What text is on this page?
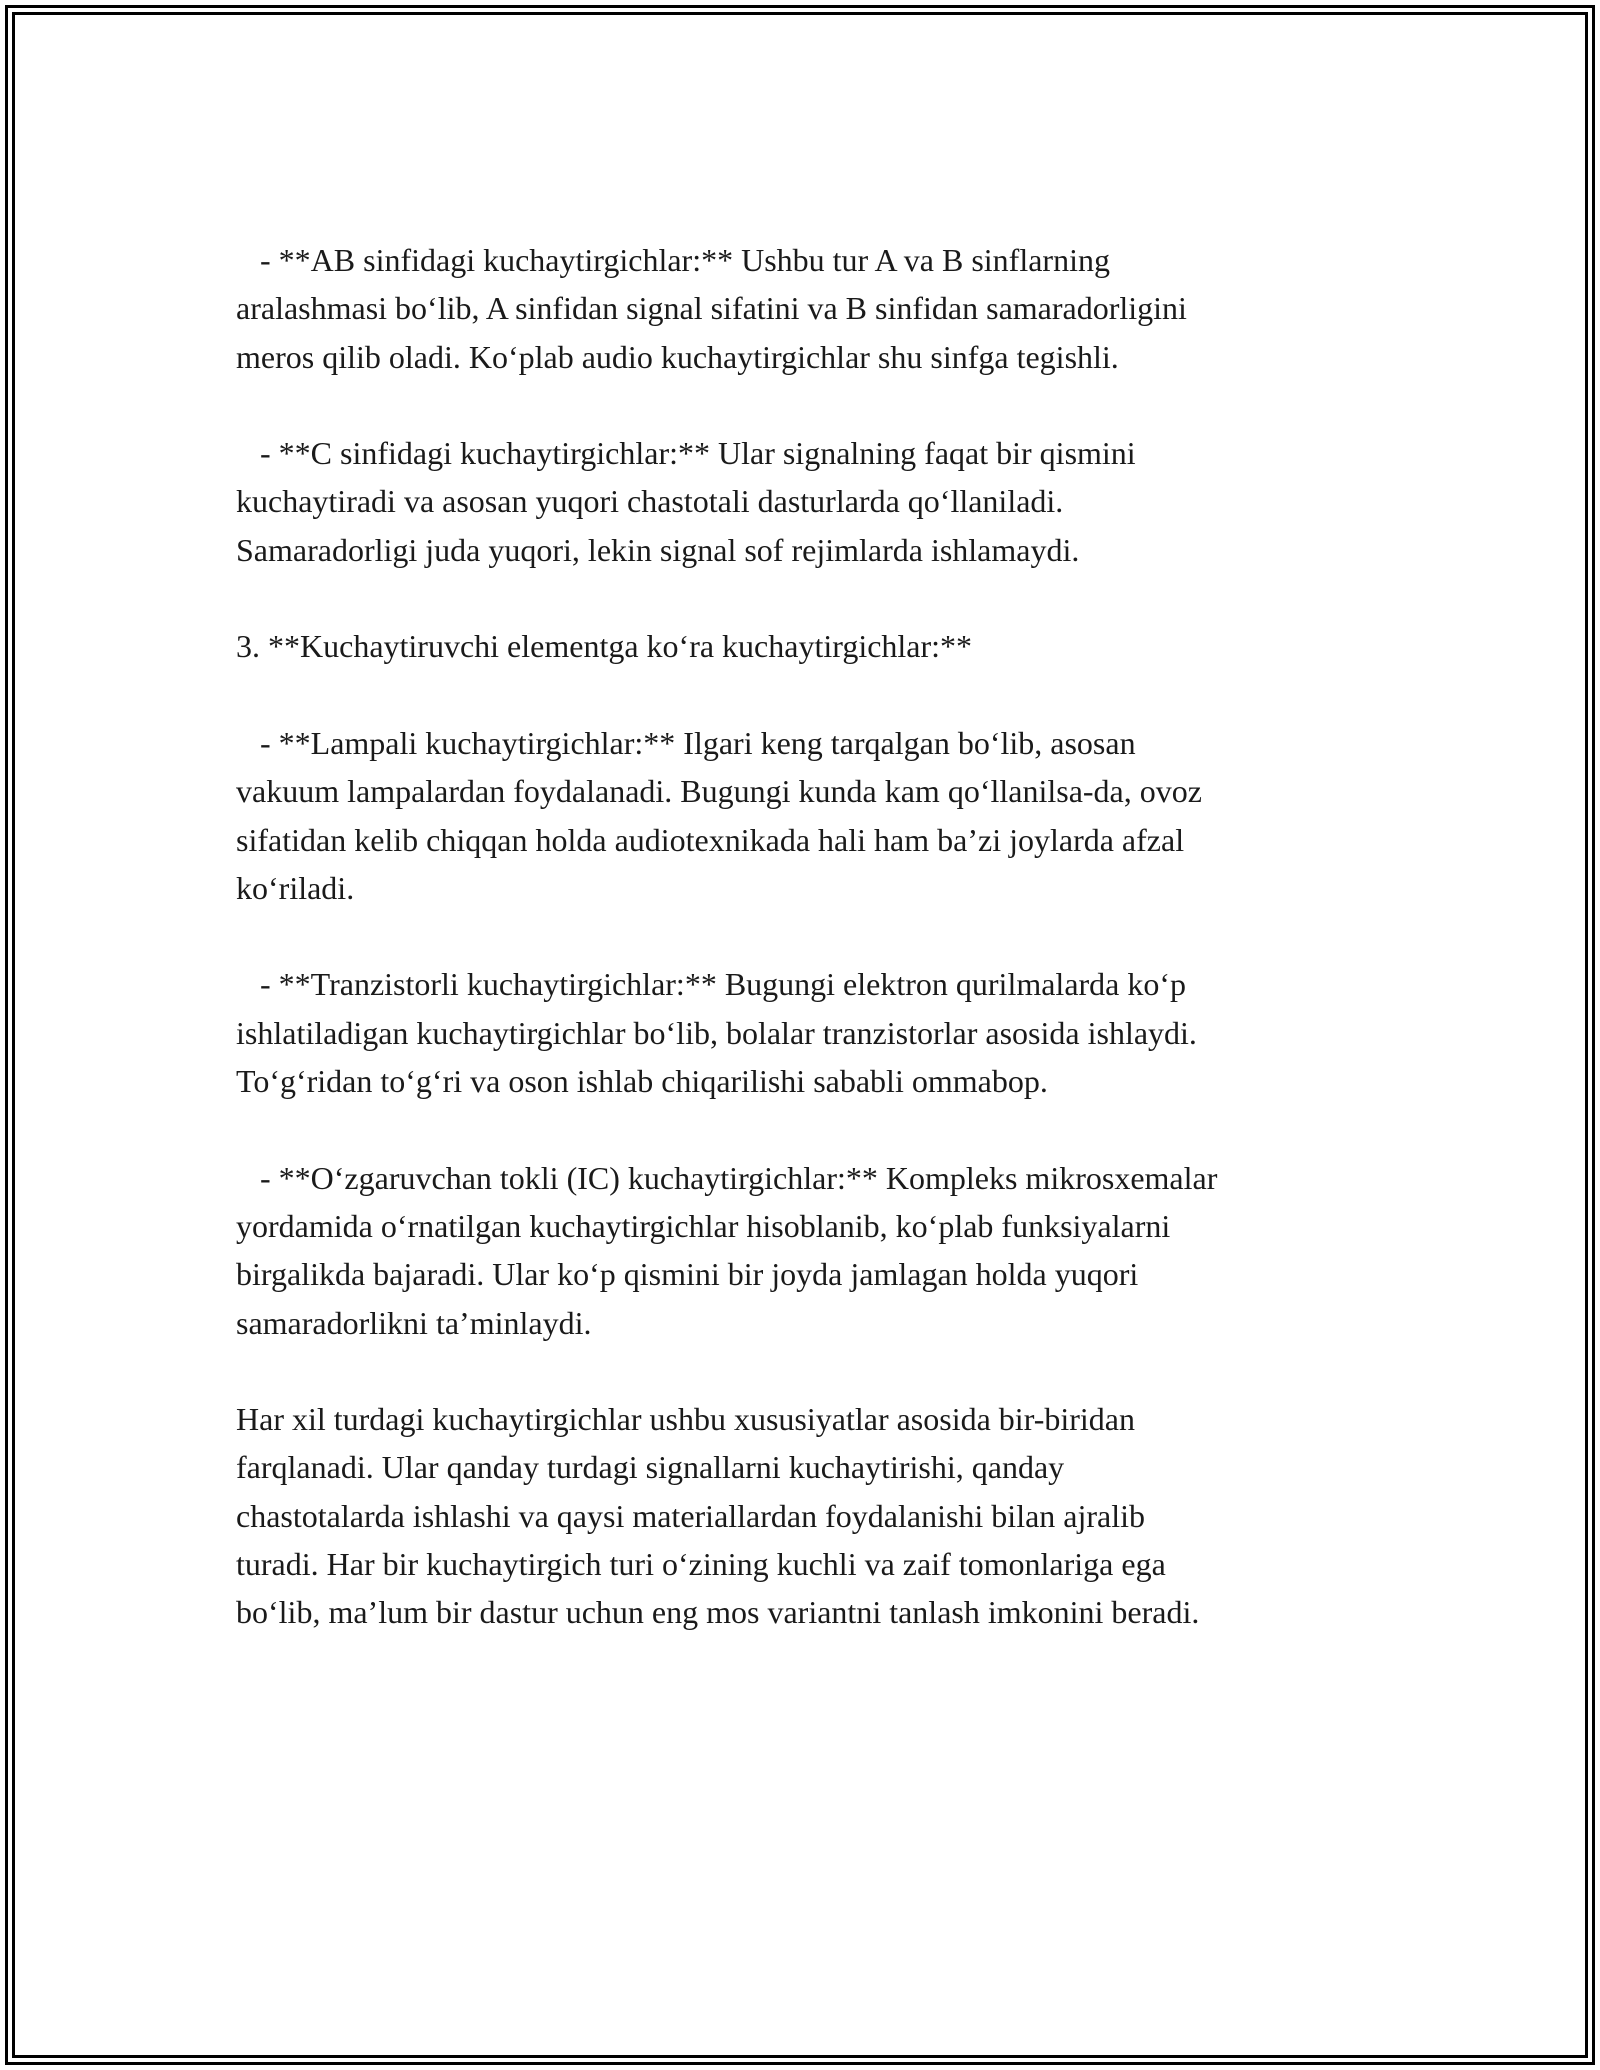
- **AB sinfidagi kuchaytirgichlar:** Ushbu tur A va B sinflarning
aralashmasi bo‘lib, A sinfidan signal sifatini va B sinfidan samaradorligini
meros qilib oladi. Ko‘plab audio kuchaytirgichlar shu sinfga tegishli.
- **C sinfidagi kuchaytirgichlar:** Ular signalning faqat bir qismini
kuchaytiradi va asosan yuqori chastotali dasturlarda qo‘llaniladi.
Samaradorligi juda yuqori, lekin signal sof rejimlarda ishlamaydi.
3. **Kuchaytiruvchi elementga ko‘ra kuchaytirgichlar:**
- **Lampali kuchaytirgichlar:** Ilgari keng tarqalgan bo‘lib, asosan
vakuum lampalardan foydalanadi. Bugungi kunda kam qo‘llanilsa-da, ovoz
sifatidan kelib chiqqan holda audiotexnikada hali ham ba’zi joylarda afzal
ko‘riladi.
- **Tranzistorli kuchaytirgichlar:** Bugungi elektron qurilmalarda ko‘p
ishlatiladigan kuchaytirgichlar bo‘lib, bolalar tranzistorlar asosida ishlaydi.
To‘g‘ridan to‘g‘ri va oson ishlab chiqarilishi sababli ommabop.
- **O‘zgaruvchan tokli (IC) kuchaytirgichlar:** Kompleks mikrosxemalar
yordamida o‘rnatilgan kuchaytirgichlar hisoblanib, ko‘plab funksiyalarni
birgalikda bajaradi. Ular ko‘p qismini bir joyda jamlagan holda yuqori
samaradorlikni ta’minlaydi.
Har xil turdagi kuchaytirgichlar ushbu xususiyatlar asosida bir-biridan
farqlanadi. Ular qanday turdagi signallarni kuchaytirishi, qanday
chastotalarda ishlashi va qaysi materiallardan foydalanishi bilan ajralib
turadi. Har bir kuchaytirgich turi o‘zining kuchli va zaif tomonlariga ega
bo‘lib, ma’lum bir dastur uchun eng mos variantni tanlash imkonini beradi.
